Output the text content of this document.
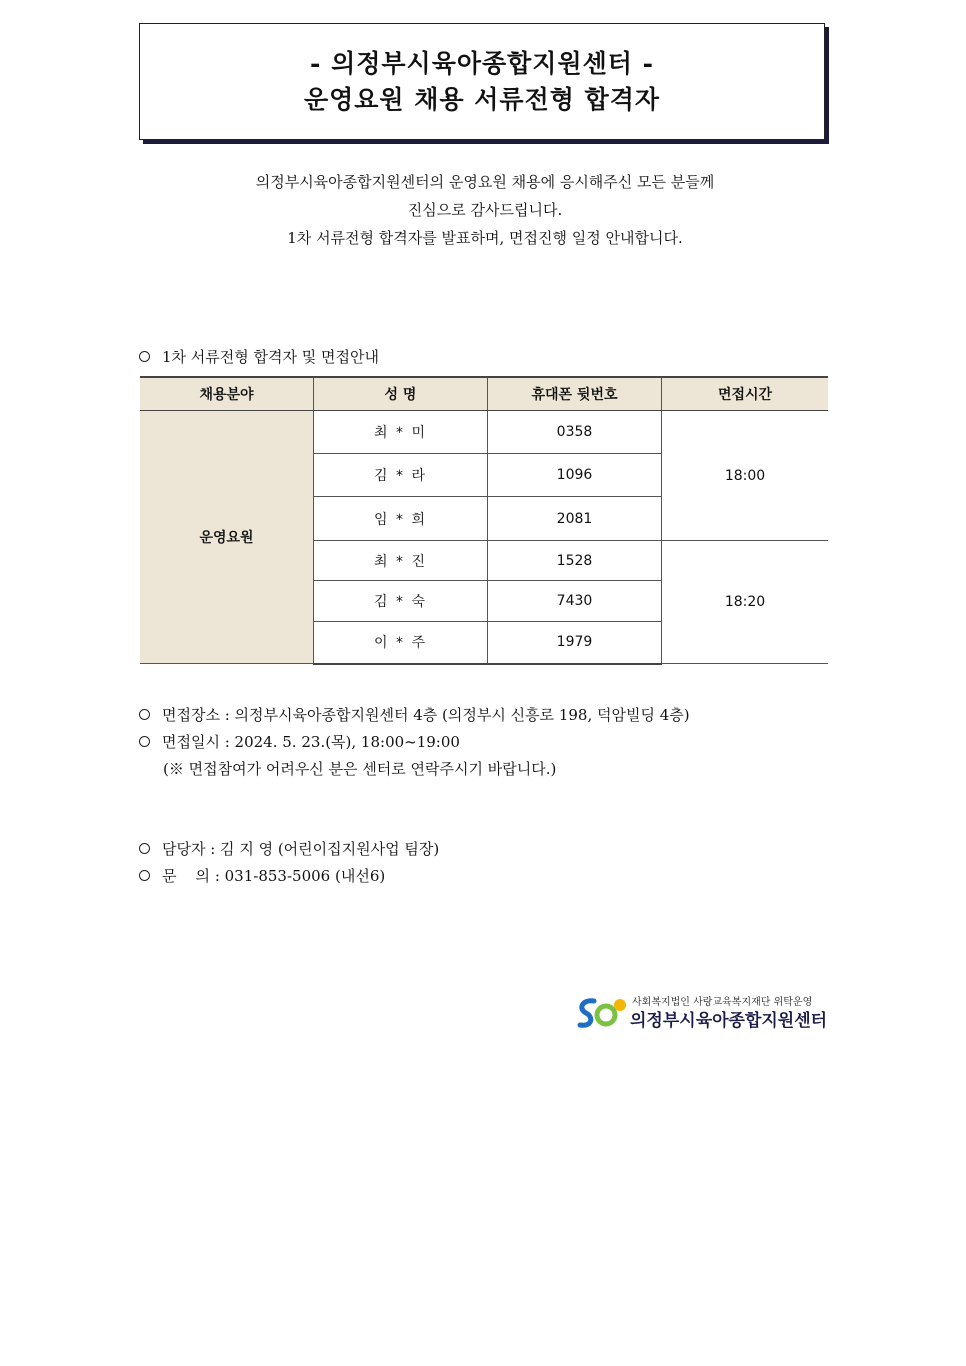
- 의정부시육아종합지원센터 -
운영요원 채용 서류전형 합격자
의정부시육아종합지원센터의 운영요원 채용에 응시해주신 모든 분들께
진심으로 감사드립니다.
1차 서류전형 합격자를 발표하며, 면접진행 일정 안내합니다.
1차 서류전형 합격자 및 면접안내
채용분야	성 명	휴대폰 뒷번호	면접시간
운영요원	최 * 미	0358	18:00
	김 * 라	1096	
	임 * 희	2081	
	최 * 진	1528	18:20
	김 * 숙	7430	
	이 * 주	1979	
면접장소 : 의정부시육아종합지원센터 4층 (의정부시 신흥로 198, 덕암빌딩 4층)
면접일시 : 2024. 5. 23.(목), 18:00~19:00
(※ 면접참여가 어려우신 분은 센터로 연락주시기 바랍니다.)
담당자 : 김 지 영 (어린이집지원사업 팀장)
문    의 : 031-853-5006 (내선6)
사회복지법인 사랑교육복지재단 위탁운영
의정부시육아종합지원센터
